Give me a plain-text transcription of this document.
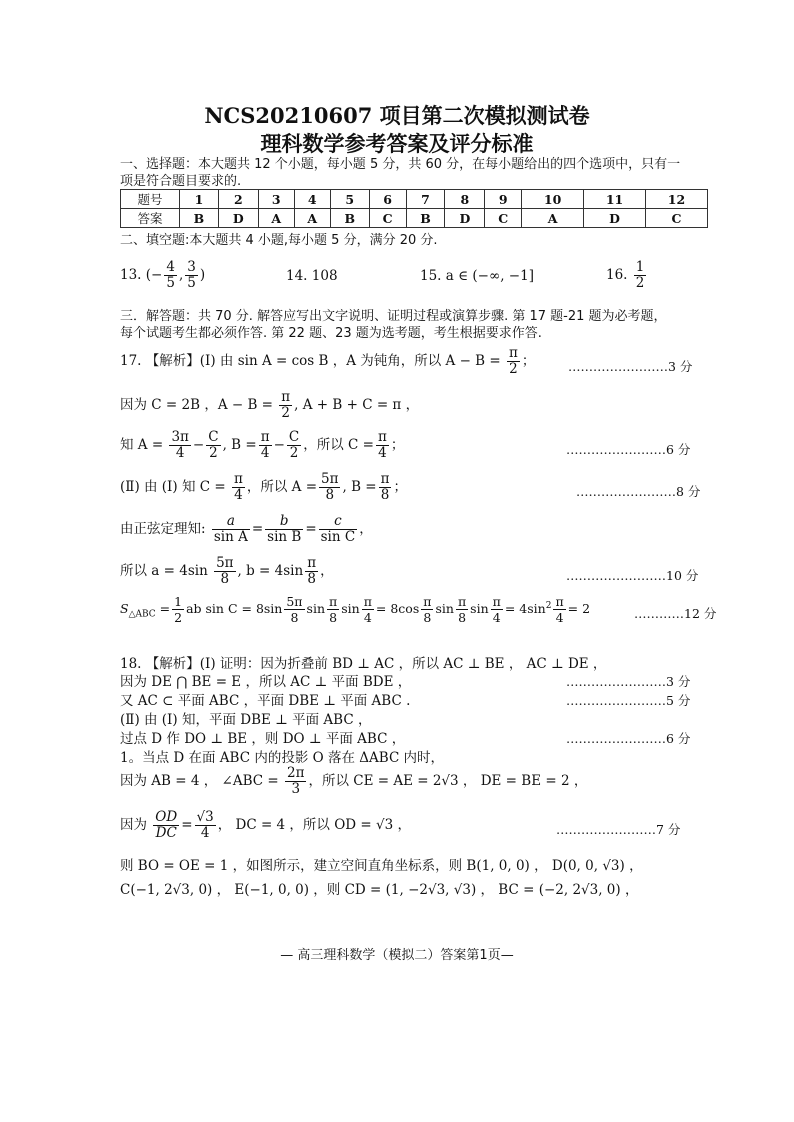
NCS20210607 项目第二次模拟测试卷
理科数学参考答案及评分标准
一、选择题：本大题共 12 个小题，每小题 5 分，共 60 分，在每小题给出的四个选项中，只有一
项是符合题目要求的.
题号	1	2	3	4	5	6	7	8	9	10	11	12
答案	B	D	A	A	B	C	B	D	C	A	D	C
二、填空题:本大题共 4 小题,每小题 5 分，满分 20 分.
13. (− $\frac{4}{5}$ , $\frac{3}{5}$ )	14. 108	15. a ∈ (−∞, −1]	16. $\frac{1}{2}$
三．解答题：共 70 分. 解答应写出文字说明、证明过程或演算步骤. 第 17 题-21 题为必考题，
每个试题考生都必须作答. 第 22 题、23 题为选考题，考生根据要求作答.
17. 【解析】(Ⅰ) 由 sin A = cos B ，A 为钝角，所以 $A - B = \frac{\pi}{2}$ ；	……………………3 分
因为 C = 2B ，$A - B = \frac{\pi}{2}$ , A + B + C = π ，
知 $A = \frac{3\pi}{4} - \frac{C}{2}$ , $B = \frac{\pi}{4} - \frac{C}{2}$ ，所以 $C = \frac{\pi}{4}$ ；	……………………6 分
(Ⅱ) 由 (Ⅰ) 知 $C = \frac{\pi}{4}$ ，所以 $A = \frac{5\pi}{8}$ , $B = \frac{\pi}{8}$ ；	……………………8 分
由正弦定理知: $\frac{a}{\text{sin A}} = \frac{b}{\text{sin B}} = \frac{c}{\text{sin C}}$ ，
所以 $a = 4\sin \frac{5\pi}{8}$ , $b = 4\sin \frac{\pi}{8}$ ，	……………………10 分
$S_{\triangle ABC} = \frac{1}{2}$ ab $\sin C = 8\sin \frac{5\pi}{8}$ $\sin \frac{\pi}{8}$ $\sin \frac{\pi}{4} = 8\cos \frac{\pi}{8}$ $\sin \frac{\pi}{8}$ $\sin \frac{\pi}{4} = 4\sin^2 \frac{\pi}{4} = 2$	…………12 分
18. 【解析】(Ⅰ) 证明：因为折叠前 BD ⊥ AC ，所以 AC ⊥ BE ， AC ⊥ DE ，
因为 DE ⋂ BE = E ，所以 AC ⊥ 平面 BDE ，	……………………3 分
又 AC ⊂ 平面 ABC ，平面 DBE ⊥ 平面 ABC .	……………………5 分
(Ⅱ) 由 (Ⅰ) 知，平面 DBE ⊥ 平面 ABC ，
过点 D 作 DO ⊥ BE ，则 DO ⊥ 平面 ABC ，	……………………6 分
1。当点 D 在面 ABC 内的投影 O 落在 ΔABC 内时，
因为 AB = 4 ， ∠ABC = $\frac{2\pi}{3}$ ，所以 CE = AE = 2√3 ， DE = BE = 2 ，
因为 $\frac{OD}{DC} = \frac{√3}{4}$ ， DC = 4 ，所以 OD = √3 ，	……………………7 分
则 BO = OE = 1 ，如图所示，建立空间直角坐标系，则 B(1, 0, 0) ， D(0, 0, √3) ，
C(−1, 2√3, 0) ， E(−1, 0, 0) ，则 CD = (1, −2√3, √3) ， BC = (−2, 2√3, 0) ，
— 高三理科数学（模拟二）答案第1页—
